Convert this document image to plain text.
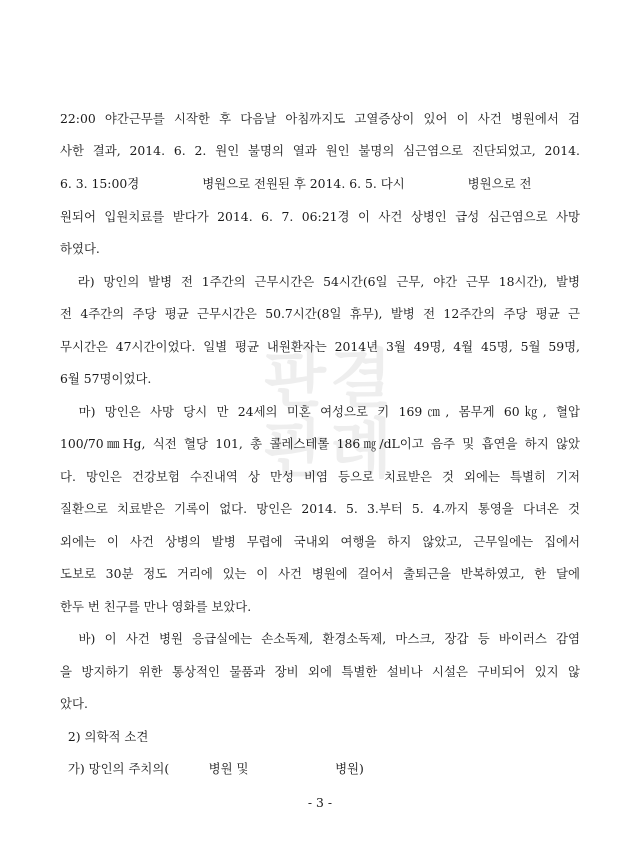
판결
판례
22:00 야간근무를 시작한 후 다음날 아침까지도 고열증상이 있어 이 사건 병원에서 검
사한 결과, 2014. 6. 2. 원인 불명의 열과 원인 불명의 심근염으로 진단되었고, 2014.
6. 3. 15:00경                병원으로 전원된 후 2014. 6. 5. 다시                병원으로 전
원되어 입원치료를 받다가 2014. 6. 7. 06:21경 이 사건 상병인 급성 심근염으로 사망
하였다.
라) 망인의 발병 전 1주간의 근무시간은 54시간(6일 근무, 야간 근무 18시간), 발병
전 4주간의 주당 평균 근무시간은 50.7시간(8일 휴무), 발병 전 12주간의 주당 평균 근
무시간은 47시간이었다. 일별 평균 내원환자는 2014년 3월 49명, 4월 45명, 5월 59명,
6월 57명이었다.
마) 망인은 사망 당시 만 24세의 미혼 여성으로 키 169㎝, 몸무게 60㎏, 혈압
100/70㎜Hg, 식전 혈당 101, 총 콜레스테롤 186㎎/dL이고 음주 및 흡연을 하지 않았
다. 망인은 건강보험 수진내역 상 만성 비염 등으로 치료받은 것 외에는 특별히 기저
질환으로 치료받은 기록이 없다. 망인은 2014. 5. 3.부터 5. 4.까지 통영을 다녀온 것
외에는 이 사건 상병의 발병 무렵에 국내외 여행을 하지 않았고, 근무일에는 집에서
도보로 30분 정도 거리에 있는 이 사건 병원에 걸어서 출퇴근을 반복하였고, 한 달에
한두 번 친구를 만나 영화를 보았다.
바) 이 사건 병원 응급실에는 손소독제, 환경소독제, 마스크, 장갑 등 바이러스 감염
을 방지하기 위한 통상적인 물품과 장비 외에 특별한 설비나 시설은 구비되어 있지 않
았다.
2) 의학적 소견
가) 망인의 주치의(          병원 및                      병원)
- 3 -
